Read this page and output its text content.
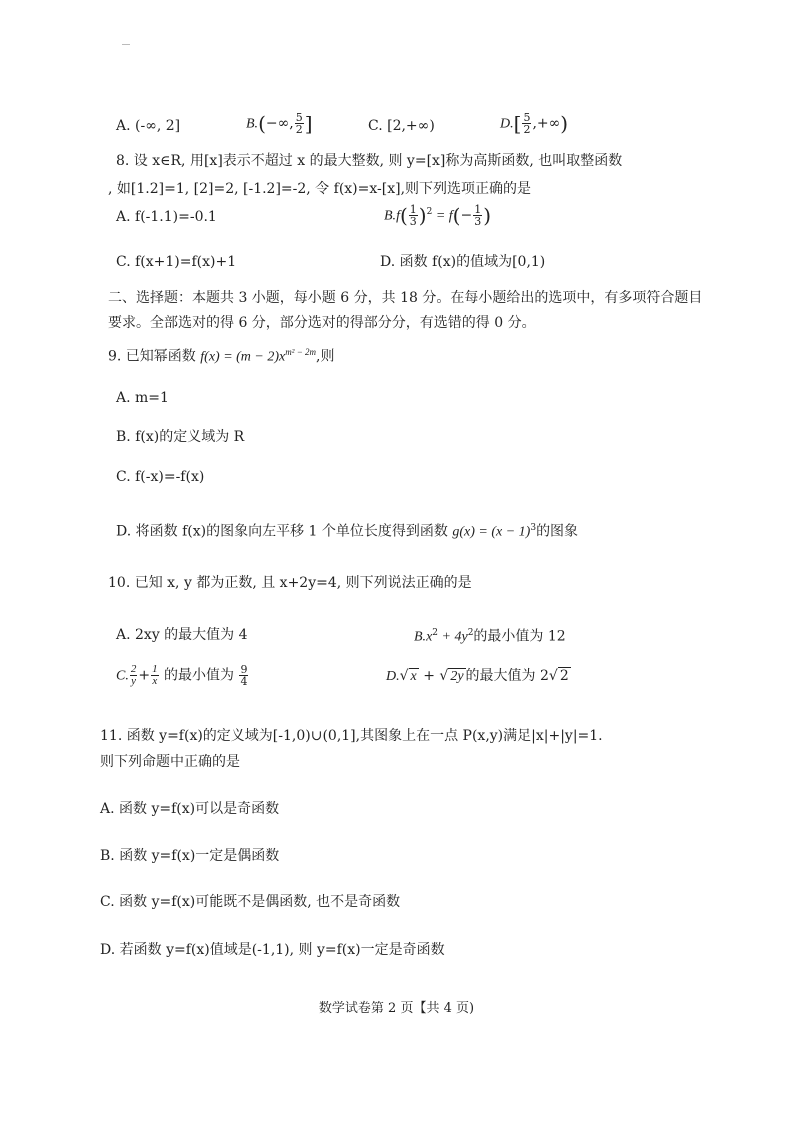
A. (-∞, 2]	B.(−∞, $\frac{5}{2}$ ]	C. [2,+∞)	$D.[ \frac{5}{2}$ ,+∞)
8. 设 x∈R, 用[x]表示不超过 x 的最大整数, 则 y=[x]称为高斯函数, 也叫取整函数
, 如[1.2]=1, [2]=2, [-1.2]=-2, 令 f(x)=x-[x],则下列选项正确的是
A. f(-1.1)=-0.1	$B.f( \frac{1}{3} )^2 = f(- \frac{1}{3}$ )
C. f(x+1)=f(x)+1	D. 函数 f(x)的值域为[0,1)
二、选择题：本题共 3 小题，每小题 6 分，共 18 分。在每小题给出的选项中，有多项符合题目
要求。全部选对的得 6 分，部分选对的得部分分，有选错的得 0 分。
9. 已知幂函数 $f(x) = (m - 2)x^{m^2 - 2m}$,则
A. m=1
B. f(x)的定义域为 R
C. f(-x)=-f(x)
D. 将函数 f(x)的图象向左平移 1 个单位长度得到函数 $g(x) = (x - 1)^3$的图象
10. 已知 x, y 都为正数, 且 x+2y=4, 则下列说法正确的是
A. 2xy 的最大值为 4	$B.x^2 + 4y^2$的最小值为 12
C. $\frac{2}{y} + \frac{1}{x}$ 的最小值为 $\frac{9}{4}$	D.√ x + √ 2y 的最大值为 2√ 2
11. 函数 y=f(x)的定义域为[-1,0)∪(0,1],其图象上在一点 P(x,y)满足|x|+|y|=1.
则下列命题中正确的是
A. 函数 y=f(x)可以是奇函数
B. 函数 y=f(x)一定是偶函数
C. 函数 y=f(x)可能既不是偶函数, 也不是奇函数
D. 若函数 y=f(x)值域是(-1,1), 则 y=f(x)一定是奇函数
数学试卷第 2 页【共 4 页)
